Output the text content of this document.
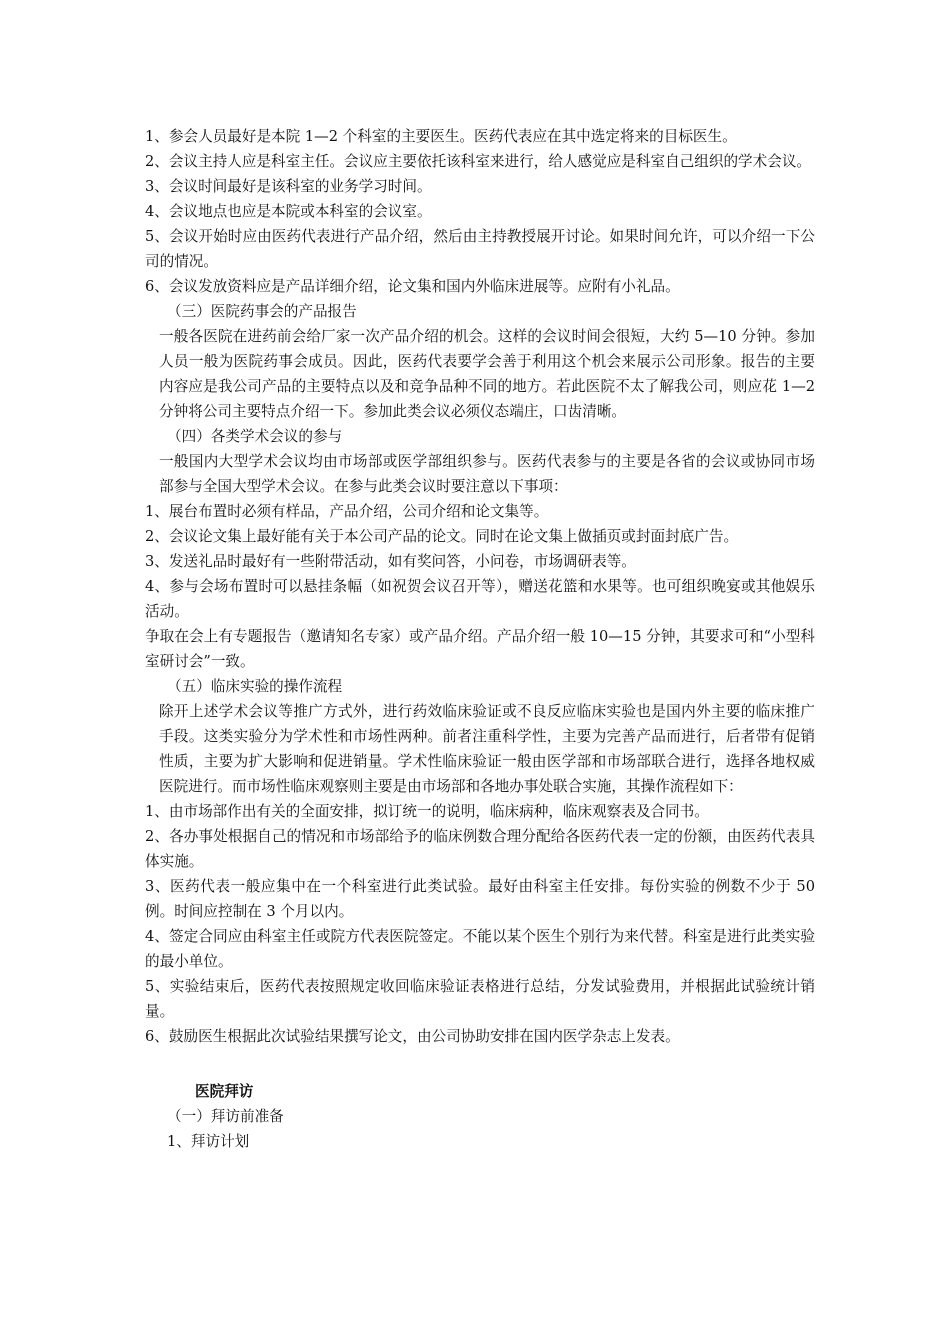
1、参会人员最好是本院 1—2 个科室的主要医生。医药代表应在其中选定将来的目标医生。

2、会议主持人应是科室主任。会议应主要依托该科室来进行，给人感觉应是科室自己组织的学术会议。

3、会议时间最好是该科室的业务学习时间。

4、会议地点也应是本院或本科室的会议室。

5、会议开始时应由医药代表进行产品介绍，然后由主持教授展开讨论。如果时间允许，可以介绍一下公司的情况。

6、会议发放资料应是产品详细介绍，论文集和国内外临床进展等。应附有小礼品。

（三）医院药事会的产品报告

一般各医院在进药前会给厂家一次产品介绍的机会。这样的会议时间会很短，大约 5—10 分钟。参加人员一般为医院药事会成员。因此，医药代表要学会善于利用这个机会来展示公司形象。报告的主要内容应是我公司产品的主要特点以及和竞争品种不同的地方。若此医院不太了解我公司，则应花 1—2 分钟将公司主要特点介绍一下。参加此类会议必须仪态端庄，口齿清晰。

（四）各类学术会议的参与

一般国内大型学术会议均由市场部或医学部组织参与。医药代表参与的主要是各省的会议或协同市场部参与全国大型学术会议。在参与此类会议时要注意以下事项：

1、展台布置时必须有样品，产品介绍，公司介绍和论文集等。

2、会议论文集上最好能有关于本公司产品的论文。同时在论文集上做插页或封面封底广告。

3、发送礼品时最好有一些附带活动，如有奖问答，小问卷，市场调研表等。

4、参与会场布置时可以悬挂条幅（如祝贺会议召开等），赠送花篮和水果等。也可组织晚宴或其他娱乐活动。

争取在会上有专题报告（邀请知名专家）或产品介绍。产品介绍一般 10—15 分钟，其要求可和“小型科室研讨会”一致。

（五）临床实验的操作流程

除开上述学术会议等推广方式外，进行药效临床验证或不良反应临床实验也是国内外主要的临床推广手段。这类实验分为学术性和市场性两种。前者注重科学性，主要为完善产品而进行，后者带有促销性质，主要为扩大影响和促进销量。学术性临床验证一般由医学部和市场部联合进行，选择各地权威医院进行。而市场性临床观察则主要是由市场部和各地办事处联合实施，其操作流程如下：

1、由市场部作出有关的全面安排，拟订统一的说明，临床病种，临床观察表及合同书。

2、各办事处根据自己的情况和市场部给予的临床例数合理分配给各医药代表一定的份额，由医药代表具体实施。

3、医药代表一般应集中在一个科室进行此类试验。最好由科室主任安排。每份实验的例数不少于 50 例。时间应控制在 3 个月以内。

4、签定合同应由科室主任或院方代表医院签定。不能以某个医生个别行为来代替。科室是进行此类实验的最小单位。

5、实验结束后，医药代表按照规定收回临床验证表格进行总结，分发试验费用，并根据此试验统计销量。

6、鼓励医生根据此次试验结果撰写论文，由公司协助安排在国内医学杂志上发表。

医院拜访

（一）拜访前准备

1、拜访计划
